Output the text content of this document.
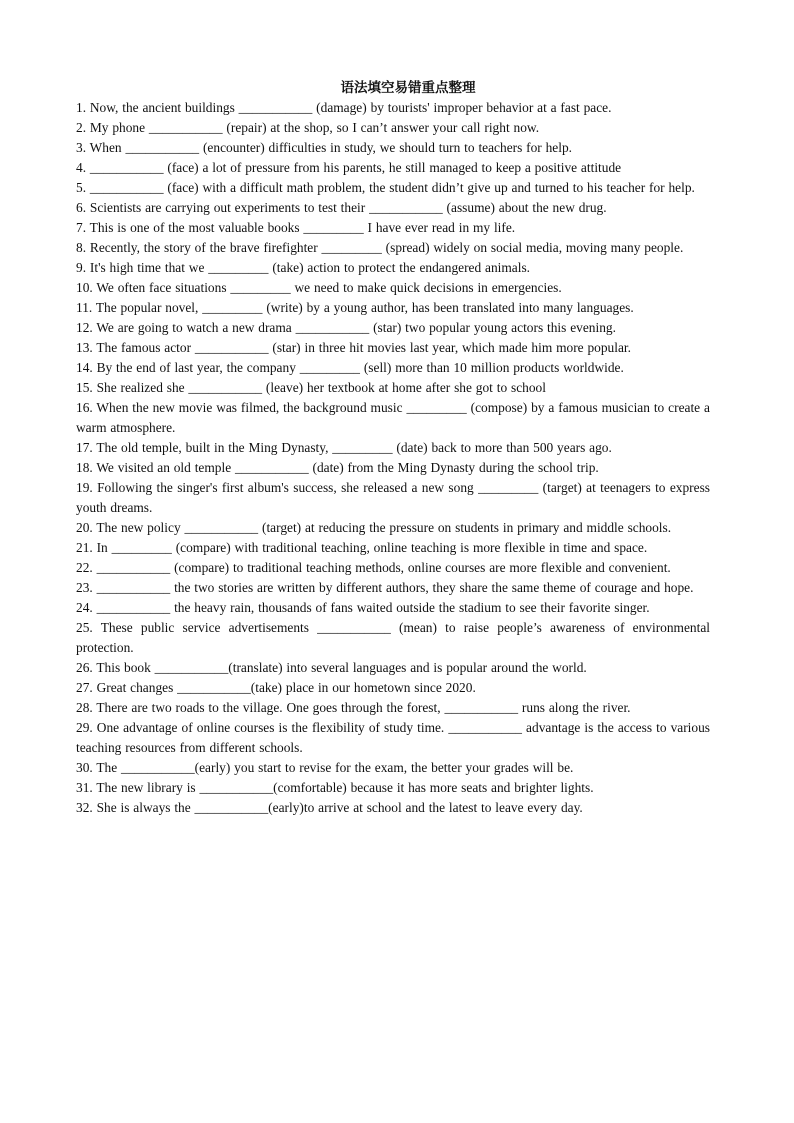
语法填空易错重点整理
1. Now, the ancient buildings ___________ (damage) by tourists' improper behavior at a fast pace.
2. My phone ___________ (repair) at the shop, so I can’t answer your call right now.
3. When ___________ (encounter) difficulties in study, we should turn to teachers for help.
4. ___________ (face) a lot of pressure from his parents, he still managed to keep a positive attitude
5. ___________ (face) with a difficult math problem, the student didn’t give up and turned to his teacher for help.
6. Scientists are carrying out experiments to test their ___________ (assume) about the new drug.
7. This is one of the most valuable books _________ I have ever read in my life.
8. Recently, the story of the brave firefighter _________ (spread) widely on social media, moving many people.
9. It's high time that we _________ (take) action to protect the endangered animals.
10. We often face situations _________ we need to make quick decisions in emergencies.
11. The popular novel, _________ (write) by a young author, has been translated into many languages.
12. We are going to watch a new drama ___________ (star) two popular young actors this evening.
13. The famous actor ___________ (star) in three hit movies last year, which made him more popular.
14. By the end of last year, the company _________ (sell) more than 10 million products worldwide.
15. She realized she ___________ (leave) her textbook at home after she got to school
16. When the new movie was filmed, the background music _________ (compose) by a famous musician to create a warm atmosphere.
17. The old temple, built in the Ming Dynasty, _________ (date) back to more than 500 years ago.
18. We visited an old temple ___________ (date) from the Ming Dynasty during the school trip.
19. Following the singer's first album's success, she released a new song _________ (target) at teenagers to express youth dreams.
20. The new policy ___________ (target) at reducing the pressure on students in primary and middle schools.
21. In _________ (compare) with traditional teaching, online teaching is more flexible in time and space.
22. ___________ (compare) to traditional teaching methods, online courses are more flexible and convenient.
23. ___________ the two stories are written by different authors, they share the same theme of courage and hope.
24. ___________ the heavy rain, thousands of fans waited outside the stadium to see their favorite singer.
25. These public service advertisements ___________ (mean) to raise people’s awareness of environmental protection.
26. This book ___________(translate) into several languages and is popular around the world.
27. Great changes ___________(take) place in our hometown since 2020.
28. There are two roads to the village. One goes through the forest, ___________ runs along the river.
29. One advantage of online courses is the flexibility of study time. ___________ advantage is the access to various teaching resources from different schools.
30. The ___________(early) you start to revise for the exam, the better your grades will be.
31. The new library is ___________(comfortable) because it has more seats and brighter lights.
32. She is always the ___________(early)to arrive at school and the latest to leave every day.
